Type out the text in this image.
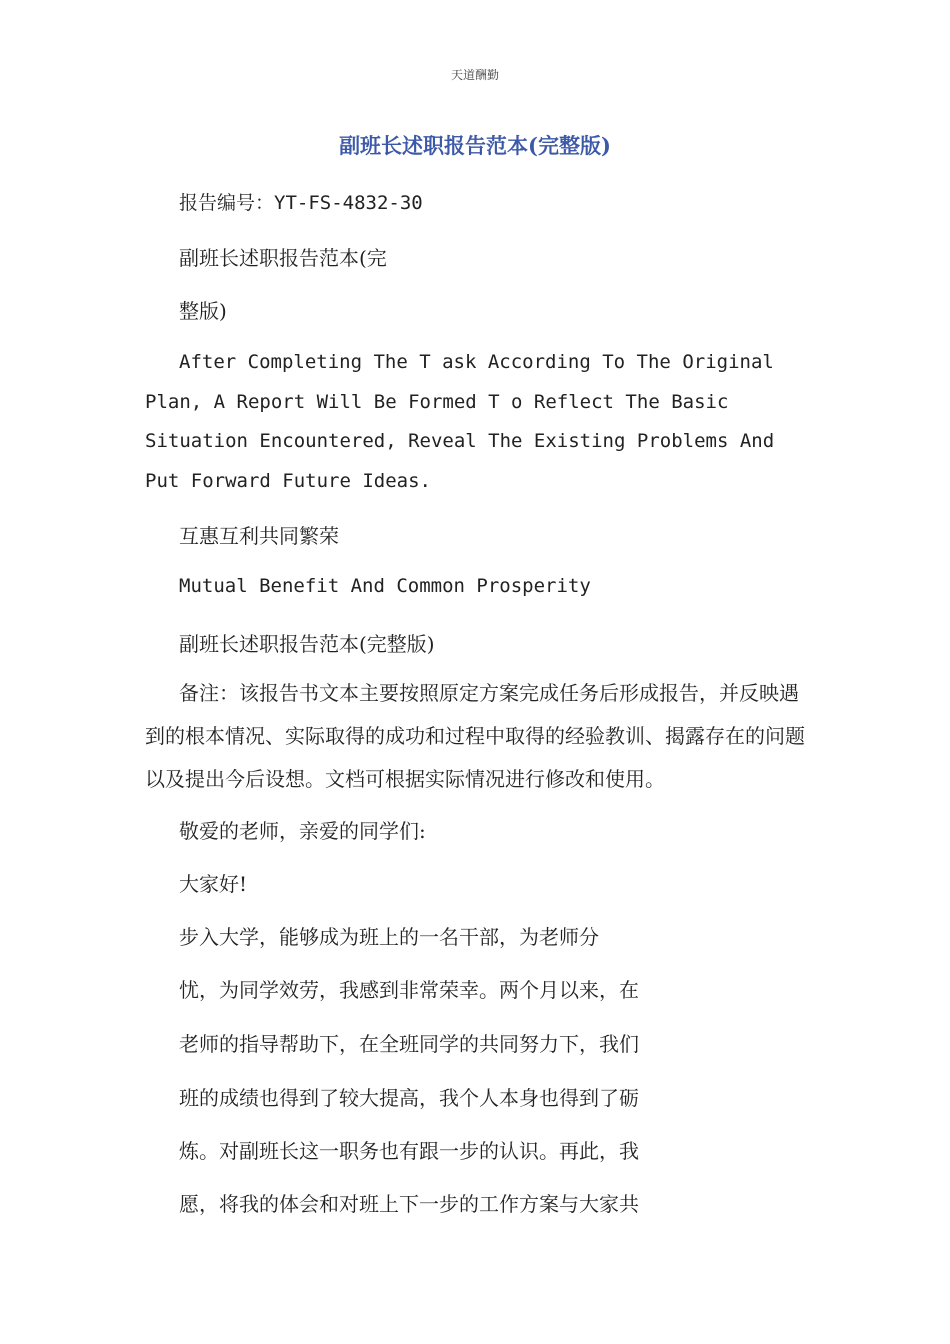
天道酬勤
副班长述职报告范本(完整版)
报告编号：YT-FS-4832-30
副班长述职报告范本(完
整版)
After Completing The T ask According To The Original Plan, A Report Will Be Formed T o Reflect The Basic Situation Encountered, Reveal The Existing Problems And Put Forward Future Ideas.
互惠互利共同繁荣
Mutual Benefit And Common Prosperity
副班长述职报告范本(完整版)
备注：该报告书文本主要按照原定方案完成任务后形成报告，并反映遇到的根本情况、实际取得的成功和过程中取得的经验教训、揭露存在的问题以及提出今后设想。文档可根据实际情况进行修改和使用。
敬爱的老师，亲爱的同学们:
大家好!
步入大学，能够成为班上的一名干部，为老师分
忧，为同学效劳，我感到非常荣幸。两个月以来，在
老师的指导帮助下，在全班同学的共同努力下，我们
班的成绩也得到了较大提高，我个人本身也得到了砺
炼。对副班长这一职务也有跟一步的认识。再此，我
愿，将我的体会和对班上下一步的工作方案与大家共
